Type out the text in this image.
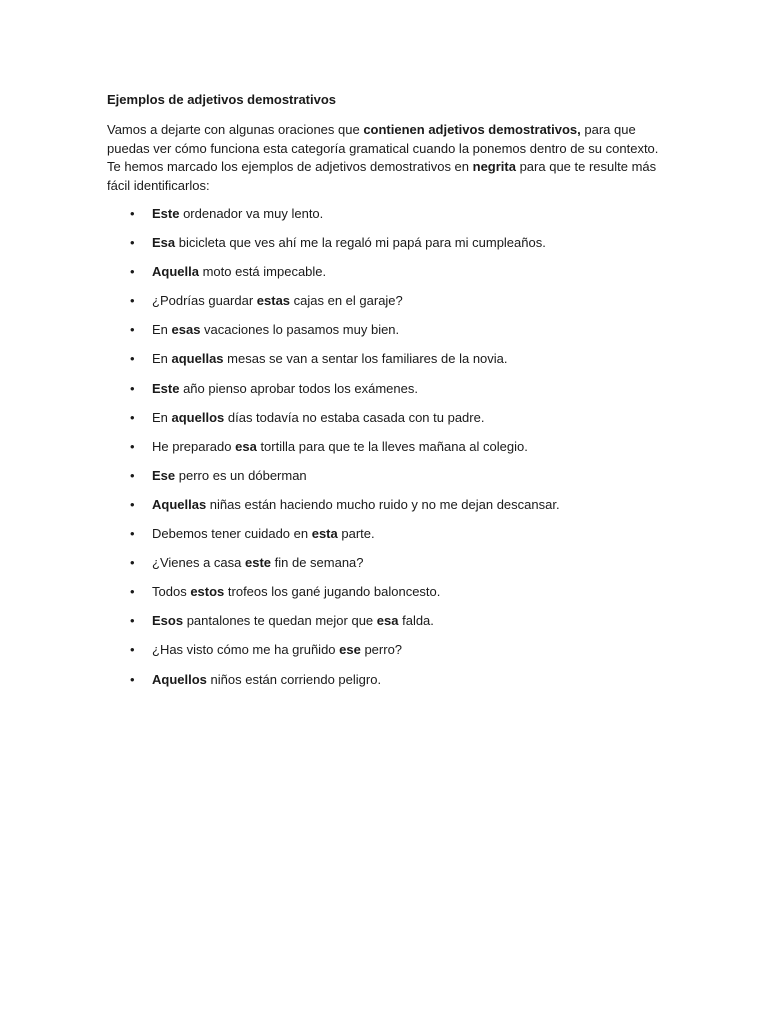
Ejemplos de adjetivos demostrativos

Vamos a dejarte con algunas oraciones que contienen adjetivos demostrativos, para que puedas ver cómo funciona esta categoría gramatical cuando la ponemos dentro de su contexto. Te hemos marcado los ejemplos de adjetivos demostrativos en negrita para que te resulte más fácil identificarlos:

• Este ordenador va muy lento.
• Esa bicicleta que ves ahí me la regaló mi papá para mi cumpleaños.
• Aquella moto está impecable.
• ¿Podrías guardar estas cajas en el garaje?
• En esas vacaciones lo pasamos muy bien.
• En aquellas mesas se van a sentar los familiares de la novia.
• Este año pienso aprobar todos los exámenes.
• En aquellos días todavía no estaba casada con tu padre.
• He preparado esa tortilla para que te la lleves mañana al colegio.
• Ese perro es un dóberman
• Aquellas niñas están haciendo mucho ruido y no me dejan descansar.
• Debemos tener cuidado en esta parte.
• ¿Vienes a casa este fin de semana?
• Todos estos trofeos los gané jugando baloncesto.
• Esos pantalones te quedan mejor que esa falda.
• ¿Has visto cómo me ha gruñido ese perro?
• Aquellos niños están corriendo peligro.
